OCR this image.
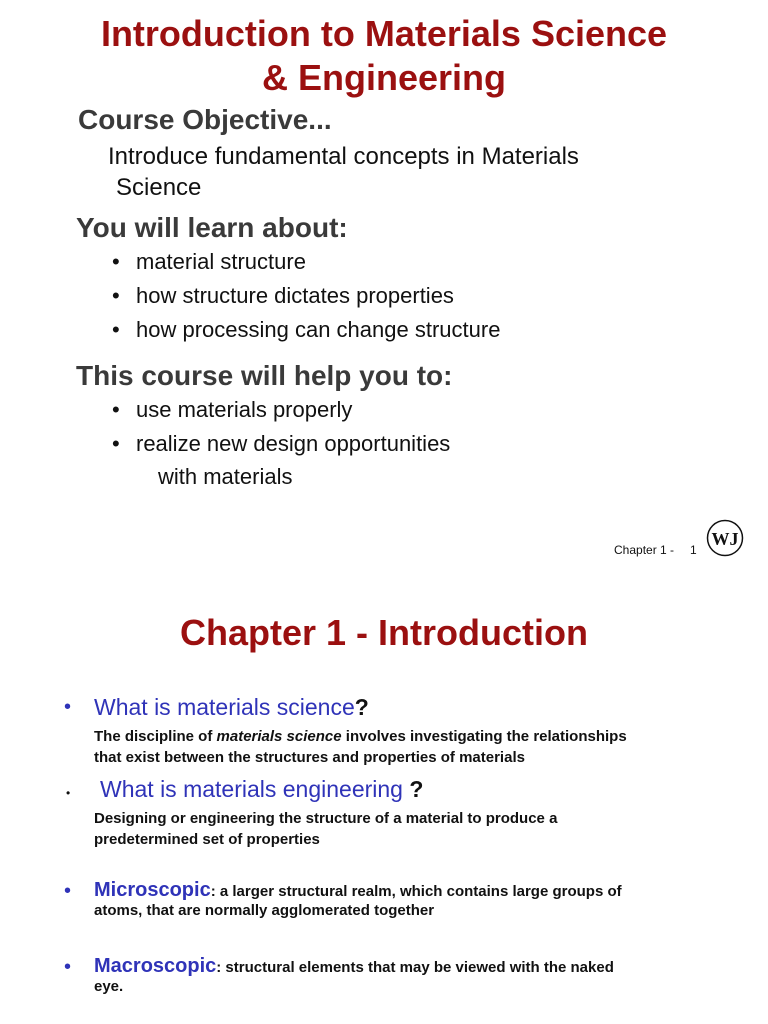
Introduction to Materials Science
& Engineering
Course Objective...
Introduce fundamental concepts in Materials
Science
You will learn about:
• material structure
• how structure dictates properties
• how processing can change structure
This course will help you to:
• use materials properly
• realize new design opportunities
with materials
Chapter 1 - 1
WJ
Chapter 1 - Introduction
• What is materials science?
The discipline of materials science involves investigating the relationships
that exist between the structures and properties of materials
• What is materials engineering ?
Designing or engineering the structure of a material to produce a
predetermined set of properties
• Microscopic: a larger structural realm, which contains large groups of
atoms, that are normally agglomerated together
• Macroscopic: structural elements that may be viewed with the naked
eye.
